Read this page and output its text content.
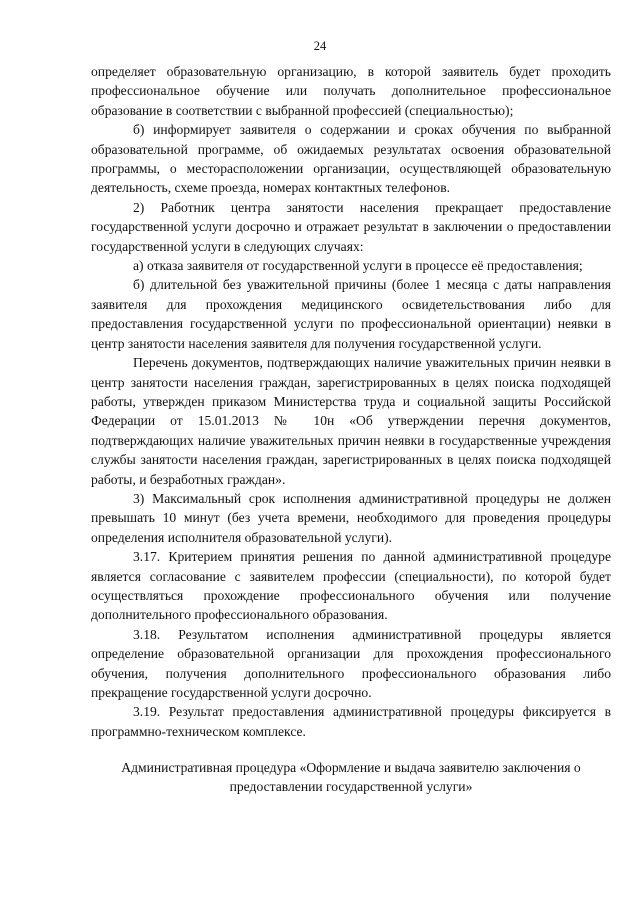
24

определяет образовательную организацию, в которой заявитель будет проходить профессиональное обучение или получать дополнительное профессиональное образование в соответствии с выбранной профессией (специальностью);

б) информирует заявителя о содержании и сроках обучения по выбранной образовательной программе, об ожидаемых результатах освоения образовательной программы, о месторасположении организации, осуществляющей образовательную деятельность, схеме проезда, номерах контактных телефонов.

2) Работник центра занятости населения прекращает предоставление государственной услуги досрочно и отражает результат в заключении о предоставлении государственной услуги в следующих случаях:

а) отказа заявителя от государственной услуги в процессе её предоставления;

б) длительной без уважительной причины (более 1 месяца с даты направления заявителя для прохождения медицинского освидетельствования либо для предоставления государственной услуги по профессиональной ориентации) неявки в центр занятости населения заявителя для получения государственной услуги.

Перечень документов, подтверждающих наличие уважительных причин неявки в центр занятости населения граждан, зарегистрированных в целях поиска подходящей работы, утвержден приказом Министерства труда и социальной защиты Российской Федерации от 15.01.2013 № 10н «Об утверждении перечня документов, подтверждающих наличие уважительных причин неявки в государственные учреждения службы занятости населения граждан, зарегистрированных в целях поиска подходящей работы, и безработных граждан».

3) Максимальный срок исполнения административной процедуры не должен превышать 10 минут (без учета времени, необходимого для проведения процедуры определения исполнителя образовательной услуги).

3.17. Критерием принятия решения по данной административной процедуре является согласование с заявителем профессии (специальности), по которой будет осуществляться прохождение профессионального обучения или получение дополнительного профессионального образования.

3.18. Результатом исполнения административной процедуры является определение образовательной организации для прохождения профессионального обучения, получения дополнительного профессионального образования либо прекращение государственной услуги досрочно.

3.19. Результат предоставления административной процедуры фиксируется в программно-техническом комплексе.

Административная процедура «Оформление и выдача заявителю заключения о предоставлении государственной услуги»
